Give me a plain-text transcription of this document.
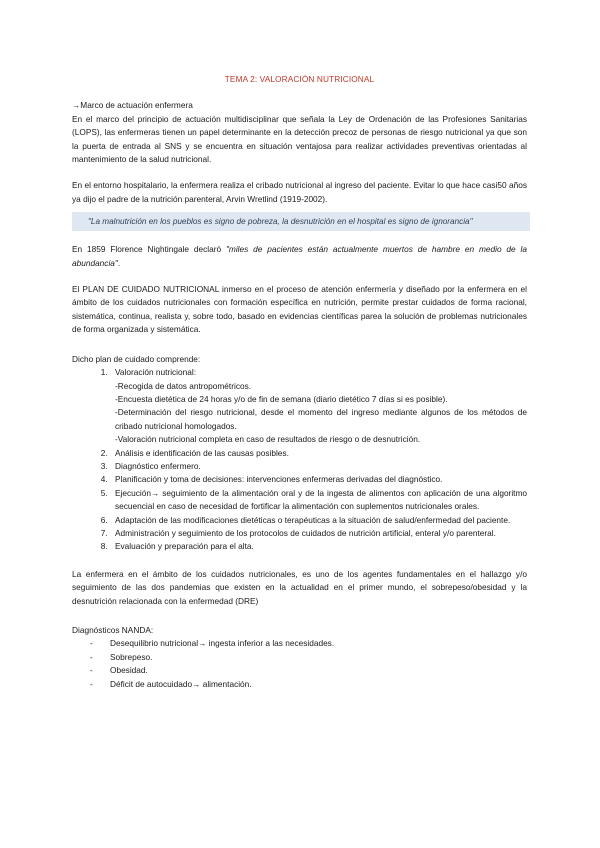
TEMA 2: VALORACIÓN NUTRICIONAL

→Marco de actuación enfermera

En el marco del principio de actuación multidisciplinar que señala la Ley de Ordenación de las Profesiones Sanitarias (LOPS), las enfermeras tienen un papel determinante en la detección precoz de personas de riesgo nutricional ya que son la puerta de entrada al SNS y se encuentra en situación ventajosa para realizar actividades preventivas orientadas al mantenimiento de la salud nutricional.

En el entorno hospitalario, la enfermera realiza el cribado nutricional al ingreso del paciente. Evitar lo que hace casi50 años ya dijo el padre de la nutrición parenteral, Arvin Wretlind (1919-2002).

"La malnutrición en los pueblos es signo de pobreza, la desnutrición en el hospital es signo de ignorancia"

En 1859 Florence Nightingale declaró "miles de pacientes están actualmente muertos de hambre en medio de la abundancia".

El PLAN DE CUIDADO NUTRICIONAL inmerso en el proceso de atención enfermería y diseñado por la enfermera en el ámbito de los cuidados nutricionales con formación específica en nutrición, permite prestar cuidados de forma racional, sistemática, continua, realista y, sobre todo, basado en evidencias científicas parea la solución de problemas nutricionales de forma organizada y sistemática.

Dicho plan de cuidado comprende:

1. Valoración nutricional:
-Recogida de datos antropométricos.
-Encuesta dietética de 24 horas y/o de fin de semana (diario dietético 7 días si es posible).
-Determinación del riesgo nutricional, desde el momento del ingreso mediante algunos de los métodos de cribado nutricional homologados.
-Valoración nutricional completa en caso de resultados de riesgo o de desnutrición.
2. Análisis e identificación de las causas posibles.
3. Diagnóstico enfermero.
4. Planificación y toma de decisiones: intervenciones enfermeras derivadas del diagnóstico.
5. Ejecución→ seguimiento de la alimentación oral y de la ingesta de alimentos con aplicación de una algoritmo secuencial en caso de necesidad de fortificar la alimentación con suplementos nutricionales orales.
6. Adaptación de las modificaciones dietéticas o terapéuticas a la situación de salud/enfermedad del paciente.
7. Administración y seguimiento de los protocolos de cuidados de nutrición artificial, enteral y/o parenteral.
8. Evaluación y preparación para el alta.

La enfermera en el ámbito de los cuidados nutricionales, es uno de los agentes fundamentales en el hallazgo y/o seguimiento de las dos pandemias que existen en la actualidad en el primer mundo, el sobrepeso/obesidad y la desnutrición relacionada con la enfermedad (DRE)

Diagnósticos NANDA:

- Desequilibrio nutricional→ ingesta inferior a las necesidades.
- Sobrepeso.
- Obesidad.
- Déficit de autocuidado→ alimentación.
